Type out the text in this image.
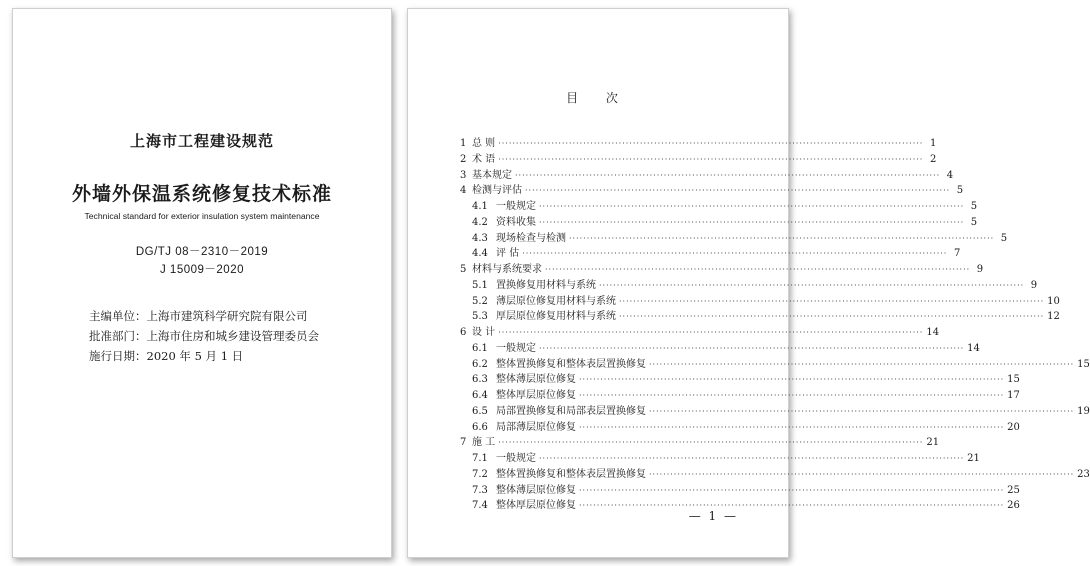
上海市工程建设规范
外墙外保温系统修复技术标准
Technical standard for exterior insulation system maintenance
DG/TJ 08－2310－2019
J 15009－2020
主编单位：上海市建筑科学研究院有限公司
批准部门：上海市住房和城乡建设管理委员会
施行日期：2020 年 5 月 1 日
目 次
1 总 则 ························································································································ 1
2 术 语 ························································································································ 2
3 基本规定 ························································································································ 4
4 检测与评估 ························································································································ 5
4.1 一般规定 ························································································································ 5
4.2 资料收集 ························································································································ 5
4.3 现场检查与检测 ························································································································ 5
4.4 评 估 ························································································································ 7
5 材料与系统要求 ························································································································ 9
5.1 置换修复用材料与系统 ························································································································ 9
5.2 薄层原位修复用材料与系统 ························································································································ 10
5.3 厚层原位修复用材料与系统 ························································································································ 12
6 设 计 ························································································································ 14
6.1 一般规定 ························································································································ 14
6.2 整体置换修复和整体表层置换修复 ························································································································ 15
6.3 整体薄层原位修复 ························································································································ 15
6.4 整体厚层原位修复 ························································································································ 17
6.5 局部置换修复和局部表层置换修复 ························································································································ 19
6.6 局部薄层原位修复 ························································································································ 20
7 施 工 ························································································································ 21
7.1 一般规定 ························································································································ 21
7.2 整体置换修复和整体表层置换修复 ························································································································ 23
7.3 整体薄层原位修复 ························································································································ 25
7.4 整体厚层原位修复 ························································································································ 26
— 1 —
